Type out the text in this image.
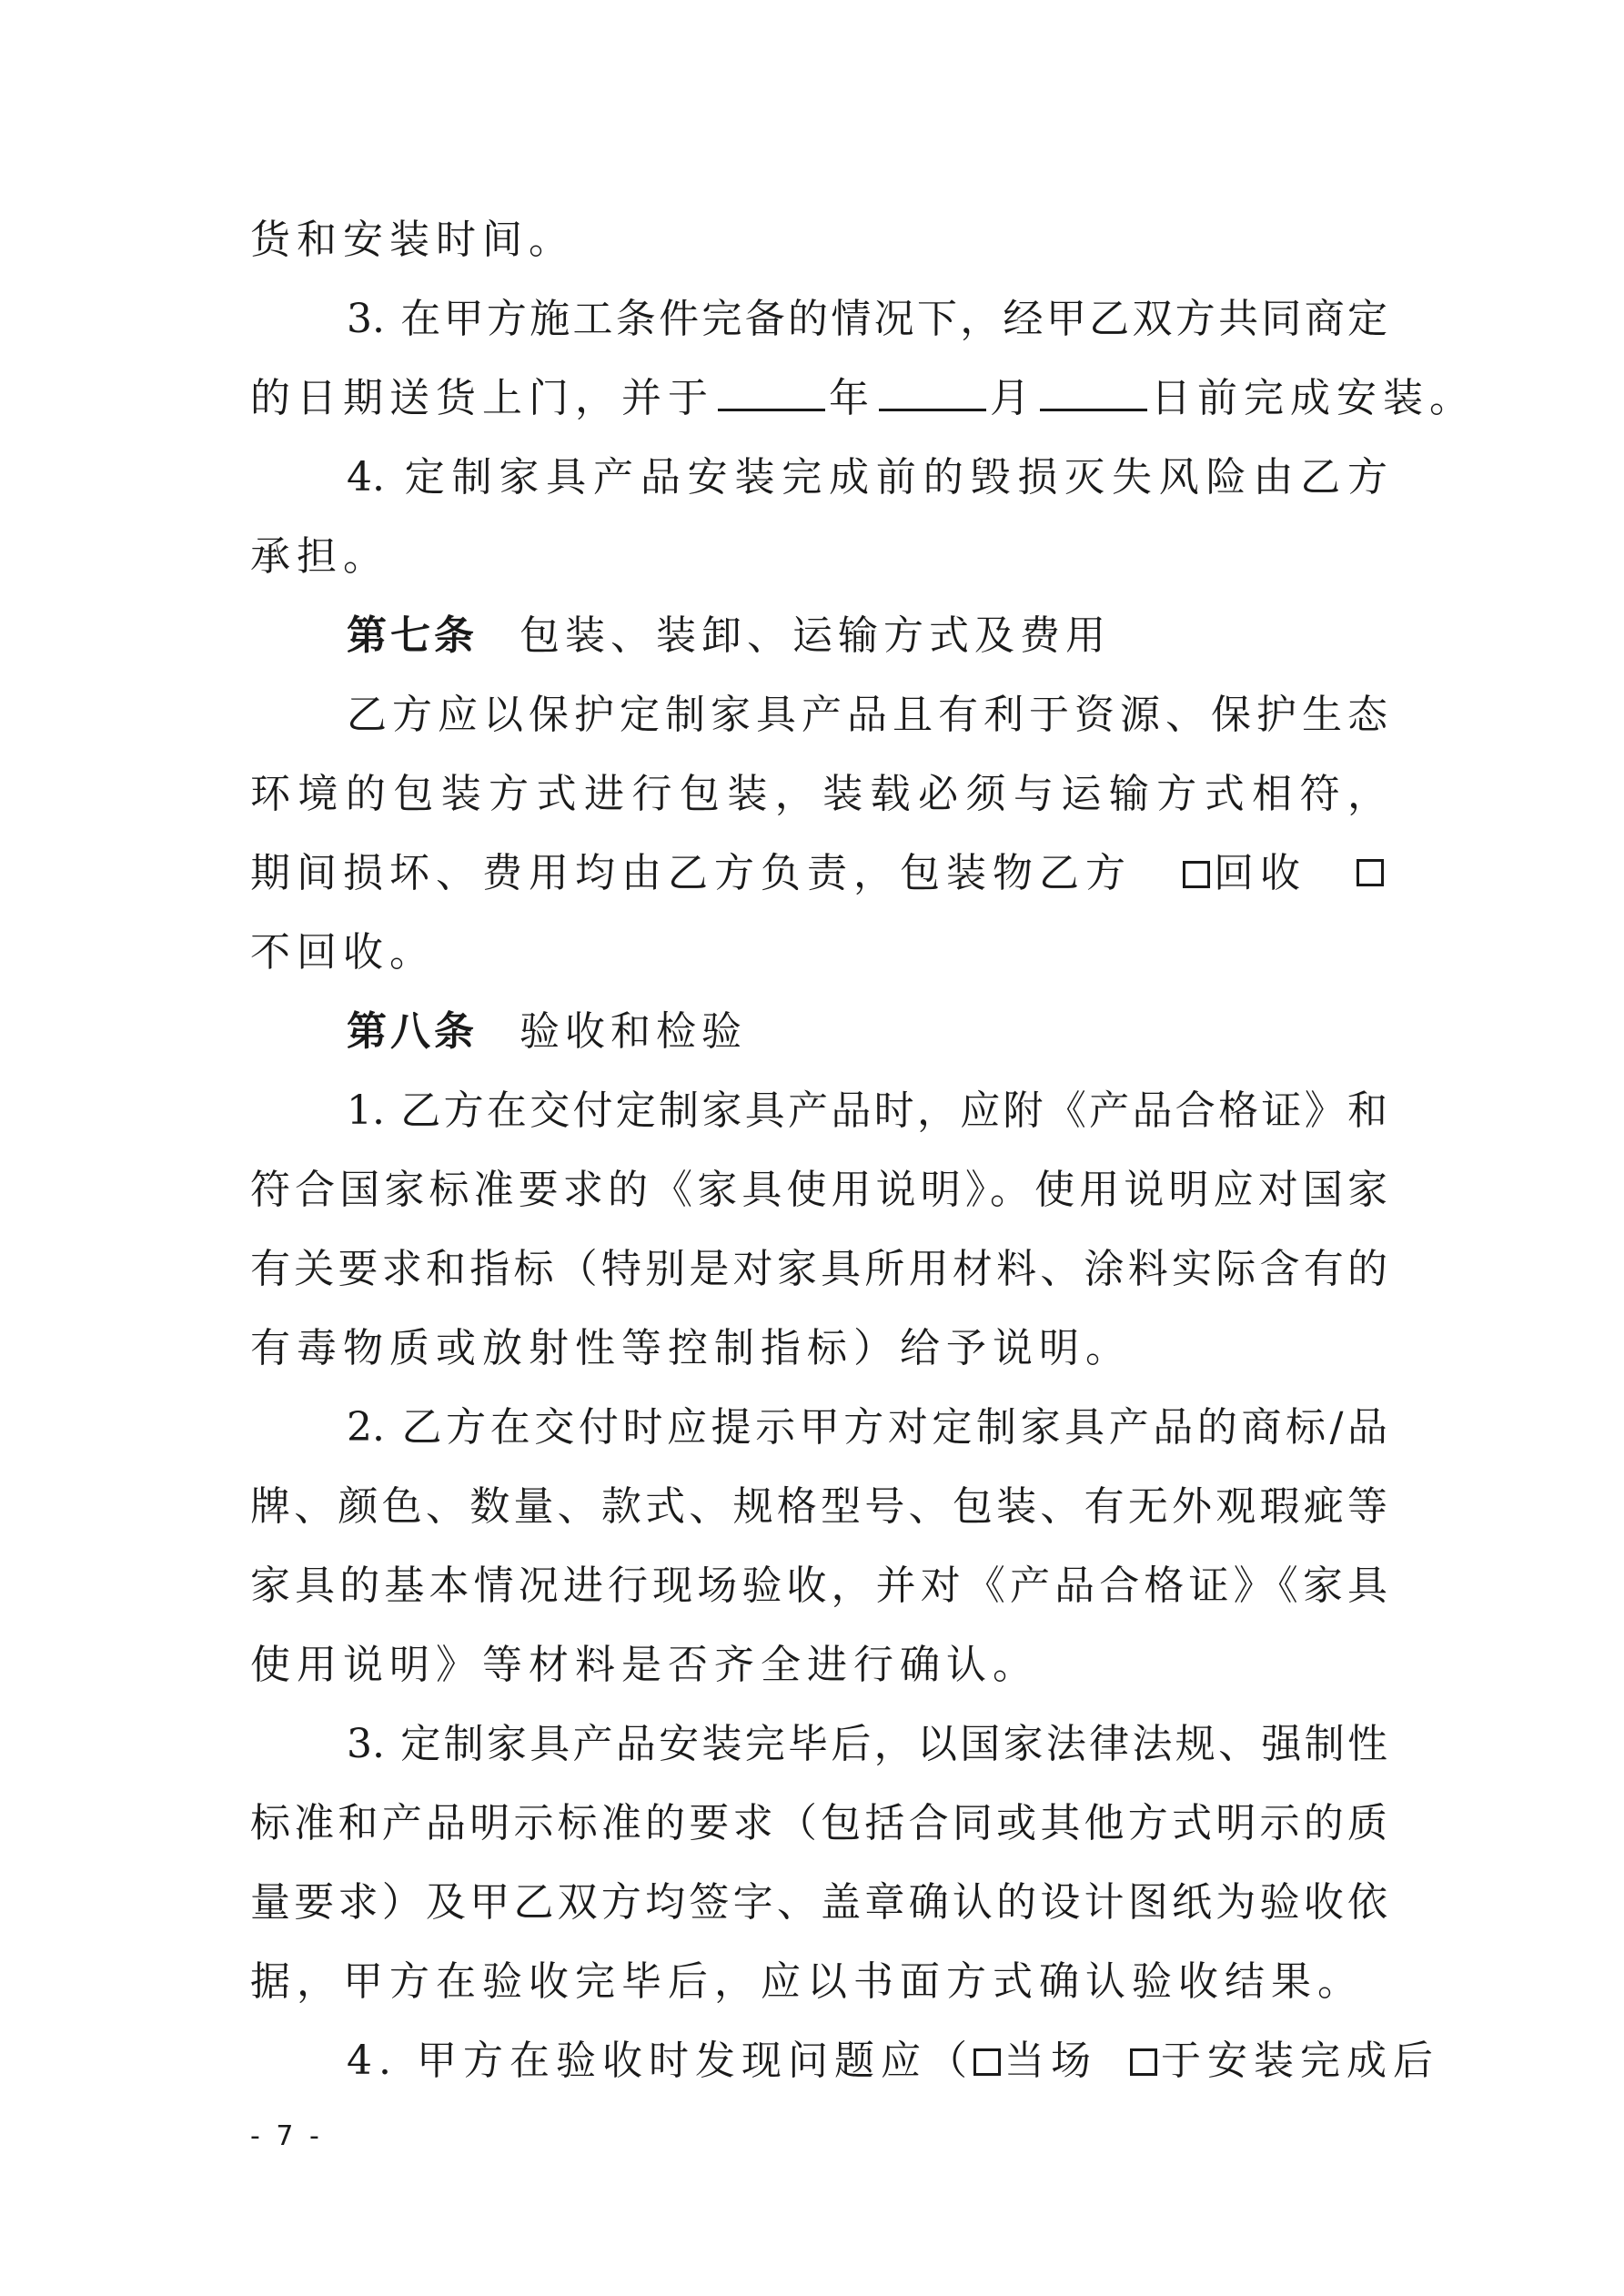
货和安装时间。
3. 在甲方施工条件完备的情况下，经甲乙双方共同商定
的日期送货上门，并于	年	月	日前完成安装。
4. 定制家具产品安装完成前的毁损灭失风险由乙方
承担。
第七条 包装、装卸、运输方式及费用
乙方应以保护定制家具产品且有利于资源、保护生态
环境的包装方式进行包装，装载必须与运输方式相符，
期间损坏、费用均由乙方负责，包装物乙方 回收
不回收。
第八条 验收和检验
1. 乙方在交付定制家具产品时，应附《产品合格证》和
符合国家标准要求的《家具使用说明》。使用说明应对国家
有关要求和指标（特别是对家具所用材料、涂料实际含有的
有毒物质或放射性等控制指标）给予说明。
2. 乙方在交付时应提示甲方对定制家具产品的商标/品
牌、颜色、数量、款式、规格型号、包装、有无外观瑕疵等
家具的基本情况进行现场验收，并对《产品合格证》《家具
使用说明》等材料是否齐全进行确认。
3. 定制家具产品安装完毕后，以国家法律法规、强制性
标准和产品明示标准的要求（包括合同或其他方式明示的质
量要求）及甲乙双方均签字、盖章确认的设计图纸为验收依
据，甲方在验收完毕后，应以书面方式确认验收结果。
4. 甲方在验收时发现问题应（ 当场 于安装完成后
- 7 -
